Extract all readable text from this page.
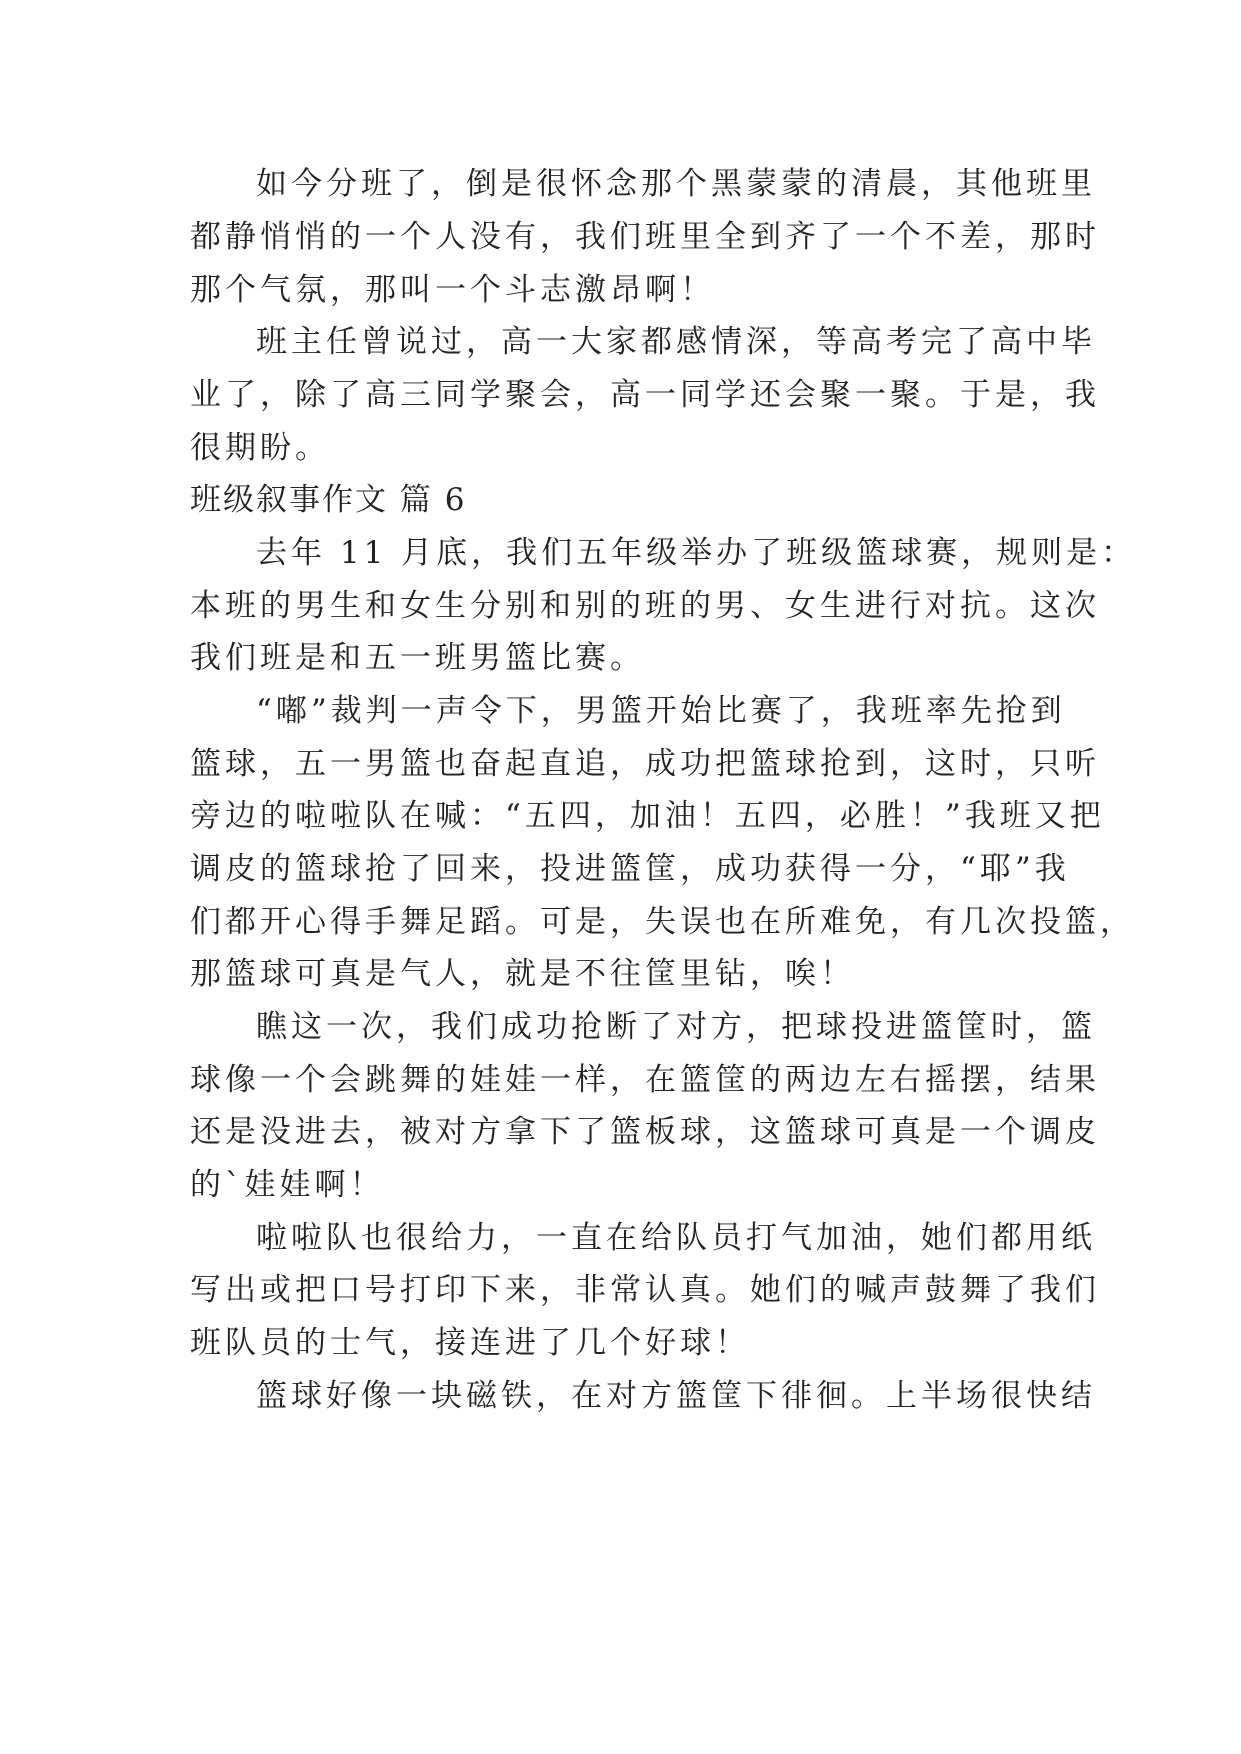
如今分班了，倒是很怀念那个黑蒙蒙的清晨，其他班里
都静悄悄的一个人没有，我们班里全到齐了一个不差，那时
那个气氛，那叫一个斗志激昂啊！
班主任曾说过，高一大家都感情深，等高考完了高中毕
业了，除了高三同学聚会，高一同学还会聚一聚。于是，我
很期盼。
班级叙事作文 篇 6
去年 11 月底，我们五年级举办了班级篮球赛，规则是：
本班的男生和女生分别和别的班的男、女生进行对抗。这次
我们班是和五一班男篮比赛。
“嘟”裁判一声令下，男篮开始比赛了，我班率先抢到
篮球，五一男篮也奋起直追，成功把篮球抢到，这时，只听
旁边的啦啦队在喊：“五四，加油！五四，必胜！”我班又把
调皮的篮球抢了回来，投进篮筐，成功获得一分，“耶”我
们都开心得手舞足蹈。可是，失误也在所难免，有几次投篮，
那篮球可真是气人，就是不往筐里钻，唉！
瞧这一次，我们成功抢断了对方，把球投进篮筐时，篮
球像一个会跳舞的娃娃一样，在篮筐的两边左右摇摆，结果
还是没进去，被对方拿下了篮板球，这篮球可真是一个调皮
的`娃娃啊！
啦啦队也很给力，一直在给队员打气加油，她们都用纸
写出或把口号打印下来，非常认真。她们的喊声鼓舞了我们
班队员的士气，接连进了几个好球！
篮球好像一块磁铁，在对方篮筐下徘徊。上半场很快结
